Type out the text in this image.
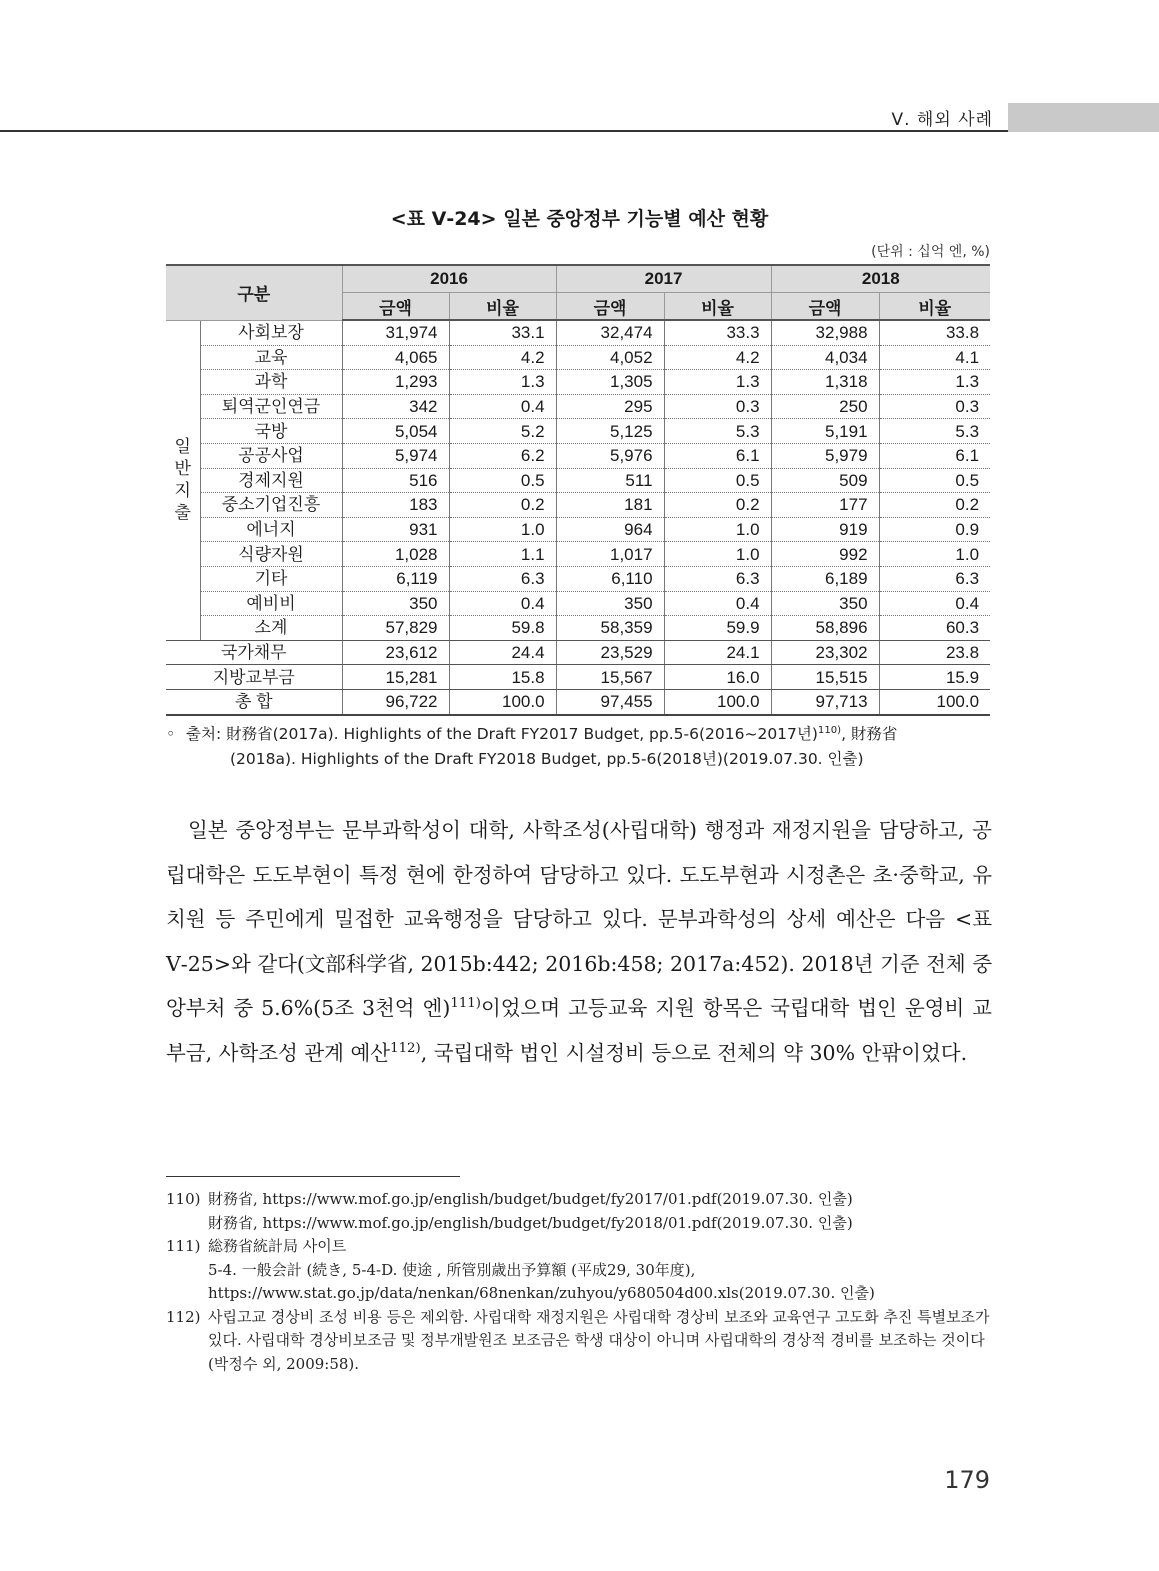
Ⅴ. 해외 사례
<표 Ⅴ-24> 일본 중앙정부 기능별 예산 현황
(단위 : 십억 엔, %)
구분		2016		2017		2018	
		금액	비율	금액	비율	금액	비율

일
반
지
출	사회보장	31,974	33.1	32,474	33.3	32,988	33.8
	교육	4,065	4.2	4,052	4.2	4,034	4.1
	과학	1,293	1.3	1,305	1.3	1,318	1.3
	퇴역군인연금	342	0.4	295	0.3	250	0.3
	국방	5,054	5.2	5,125	5.3	5,191	5.3
	공공사업	5,974	6.2	5,976	6.1	5,979	6.1
	경제지원	516	0.5	511	0.5	509	0.5
	중소기업진흥	183	0.2	181	0.2	177	0.2
	에너지	931	1.0	964	1.0	919	0.9
	식량자원	1,028	1.1	1,017	1.0	992	1.0
	기타	6,119	6.3	6,110	6.3	6,189	6.3
	예비비	350	0.4	350	0.4	350	0.4
	소계	57,829	59.8	58,359	59.9	58,896	60.3
국가채무		23,612	24.4	23,529	24.1	23,302	23.8
지방교부금		15,281	15.8	15,567	16.0	15,515	15.9
총 합		96,722	100.0	97,455	100.0	97,713	100.0
◦ 출처: 財務省(2017a). Highlights of the Draft FY2017 Budget, pp.5-6(2016~2017년)$^{110)}$, 財務省
(2018a). Highlights of the Draft FY2018 Budget, pp.5-6(2018년)(2019.07.30. 인출)
일본 중앙정부는 문부과학성이 대학, 사학조성(사립대학) 행정과 재정지원을 담당하고, 공립대학은 도도부현이 특정 현에 한정하여 담당하고 있다. 도도부현과 시정촌은 초·중학교, 유치원 등 주민에게 밀접한 교육행정을 담당하고 있다. 문부과학성의 상세 예산은 다음 <표 Ⅴ-25>와 같다(文部科学省, 2015b:442; 2016b:458; 2017a:452). 2018년 기준 전체 중앙부처 중 5.6%(5조 3천억 엔)$^{111)}$이었으며 고등교육 지원 항목은 국립대학 법인 운영비 교부금, 사학조성 관계 예산$^{112)}$, 국립대학 법인 시설정비 등으로 전체의 약 30% 안팎이었다.
110) 財務省, https://www.mof.go.jp/english/budget/budget/fy2017/01.pdf(2019.07.30. 인출)
財務省, https://www.mof.go.jp/english/budget/budget/fy2018/01.pdf(2019.07.30. 인출)
111) 総務省統計局 사이트
5-4. 一般会計 (続き, 5-4-D. 使途 , 所管別歳出予算額 (平成29, 30年度), https://www.stat.go.jp/data/nenkan/68nenkan/zuhyou/y680504d00.xls(2019.07.30. 인출)
112) 사립고교 경상비 조성 비용 등은 제외함. 사립대학 재정지원은 사립대학 경상비 보조와 교육연구 고도화 추진 특별보조가 있다. 사립대학 경상비보조금 및 정부개발원조 보조금은 학생 대상이 아니며 사립대학의 경상적 경비를 보조하는 것이다(박정수 외, 2009:58).
179
